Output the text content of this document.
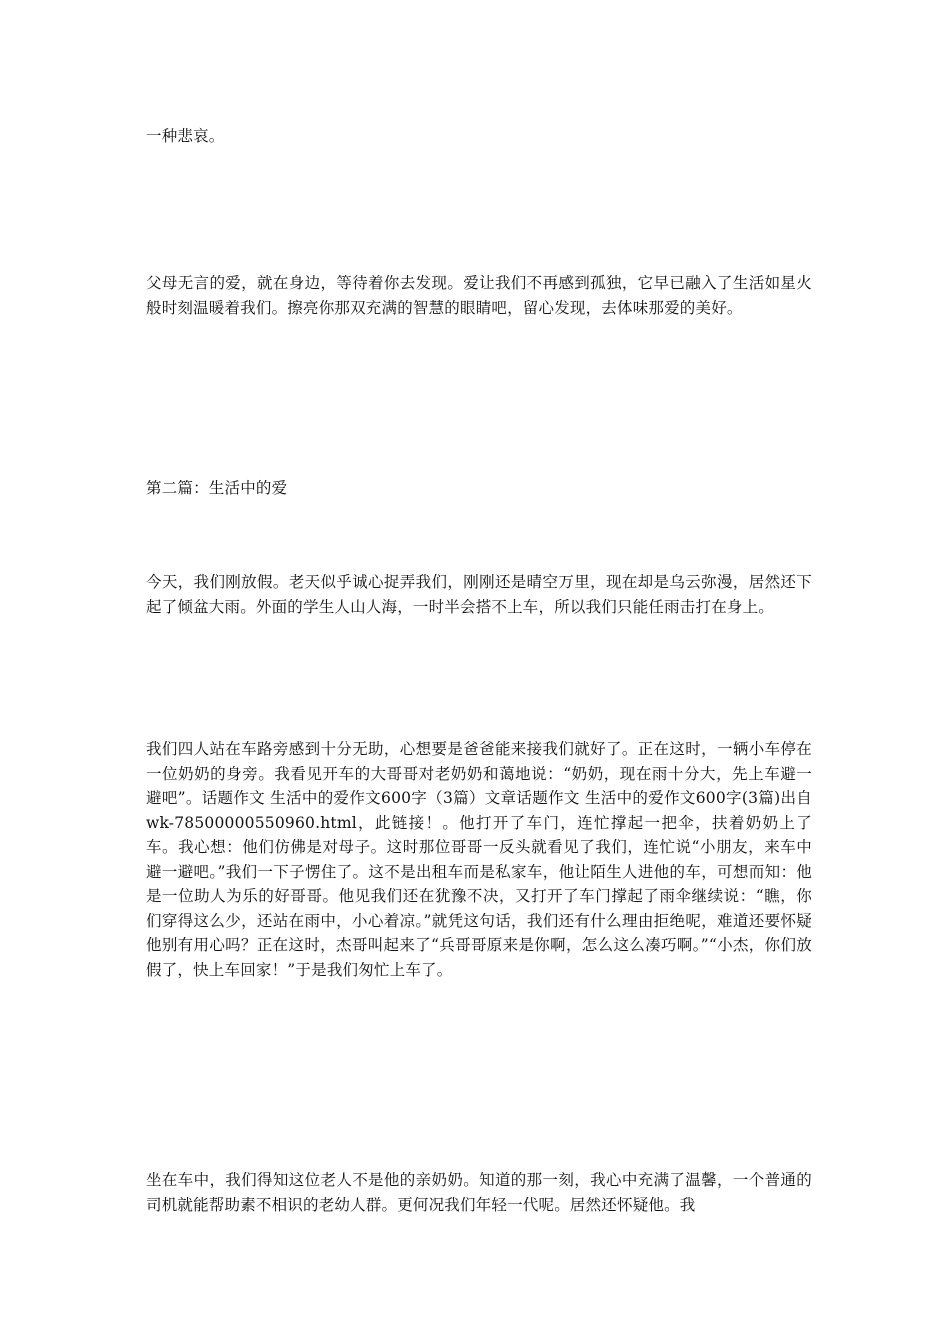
一种悲哀。

父母无言的爱，就在身边，等待着你去发现。爱让我们不再感到孤独，它早已融入了生活如星火般时刻温暖着我们。擦亮你那双充满的智慧的眼睛吧，留心发现，去体味那爱的美好。

第二篇：生活中的爱

今天，我们刚放假。老天似乎诚心捉弄我们，刚刚还是晴空万里，现在却是乌云弥漫，居然还下起了倾盆大雨。外面的学生人山人海，一时半会搭不上车，所以我们只能任雨击打在身上。

我们四人站在车路旁感到十分无助，心想要是爸爸能来接我们就好了。正在这时，一辆小车停在一位奶奶的身旁。我看见开车的大哥哥对老奶奶和蔼地说：“奶奶，现在雨十分大，先上车避一避吧”。话题作文 生活中的爱作文600字（3篇）文章话题作文 生活中的爱作文600字(3篇)出自wk-78500000550960.html，此链接！。他打开了车门，连忙撑起一把伞，扶着奶奶上了车。我心想：他们仿佛是对母子。这时那位哥哥一反头就看见了我们，连忙说“小朋友，来车中避一避吧。”我们一下子愣住了。这不是出租车而是私家车，他让陌生人进他的车，可想而知：他是一位助人为乐的好哥哥。他见我们还在犹豫不决，又打开了车门撑起了雨伞继续说：“瞧，你们穿得这么少，还站在雨中，小心着凉。”就凭这句话，我们还有什么理由拒绝呢，难道还要怀疑他别有用心吗？正在这时，杰哥叫起来了“兵哥哥原来是你啊，怎么这么凑巧啊。”“小杰，你们放假了，快上车回家！”于是我们匆忙上车了。

坐在车中，我们得知这位老人不是他的亲奶奶。知道的那一刻，我心中充满了温馨，一个普通的司机就能帮助素不相识的老幼人群。更何况我们年轻一代呢。居然还怀疑他。我
